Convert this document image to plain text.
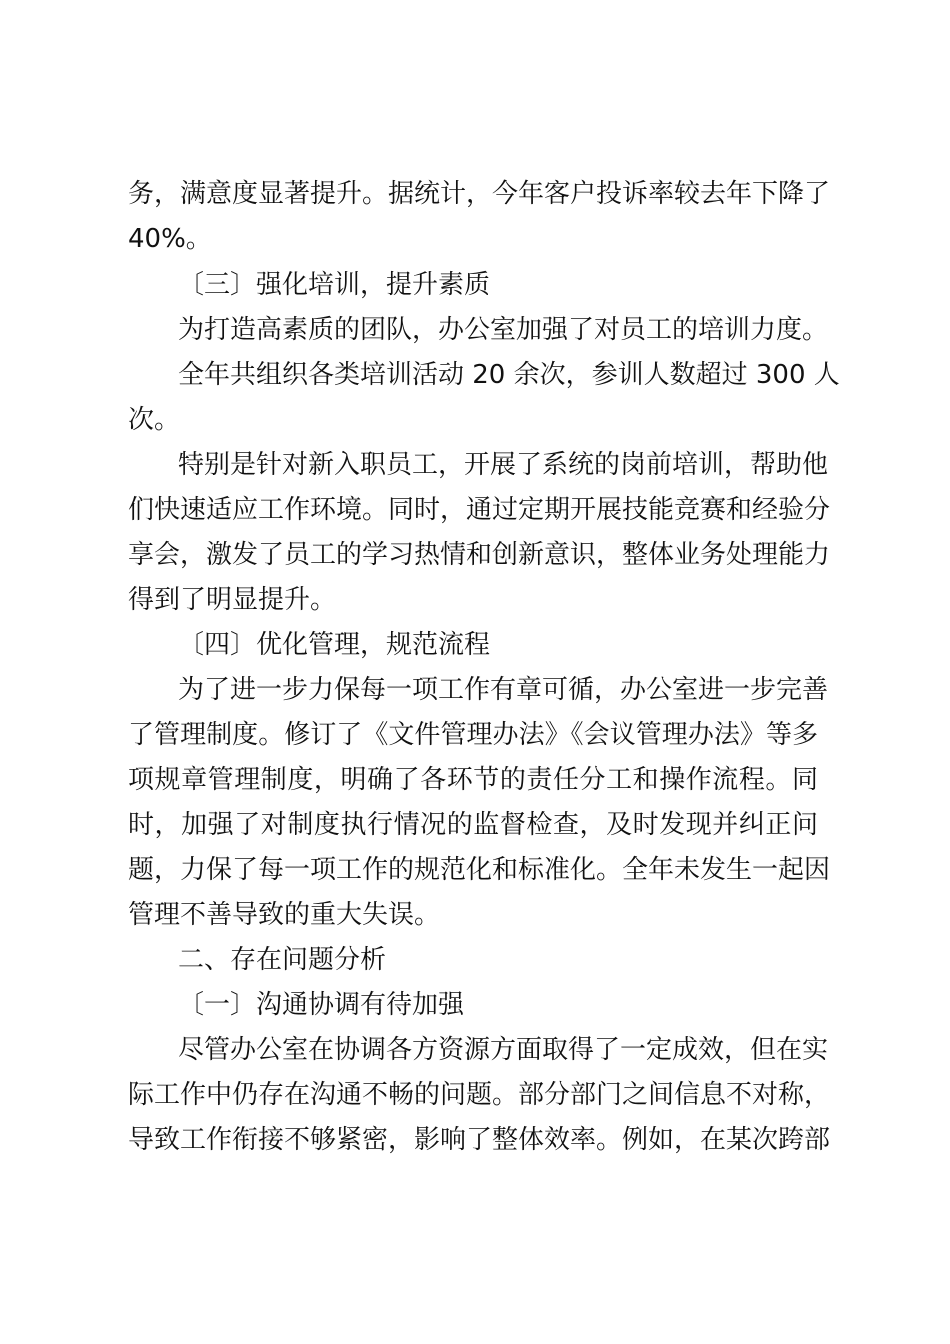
务，满意度显著提升。据统计，今年客户投诉率较去年下降了
40%。
〔三〕强化培训，提升素质
为打造高素质的团队，办公室加强了对员工的培训力度。
全年共组织各类培训活动 20 余次，参训人数超过 300 人
次。
特别是针对新入职员工，开展了系统的岗前培训，帮助他
们快速适应工作环境。同时，通过定期开展技能竞赛和经验分
享会，激发了员工的学习热情和创新意识，整体业务处理能力
得到了明显提升。
〔四〕优化管理，规范流程
为了进一步力保每一项工作有章可循，办公室进一步完善
了管理制度。修订了《文件管理办法》《会议管理办法》等多
项规章管理制度，明确了各环节的责任分工和操作流程。同
时，加强了对制度执行情况的监督检查，及时发现并纠正问
题，力保了每一项工作的规范化和标准化。全年未发生一起因
管理不善导致的重大失误。
二、存在问题分析
〔一〕沟通协调有待加强
尽管办公室在协调各方资源方面取得了一定成效，但在实
际工作中仍存在沟通不畅的问题。部分部门之间信息不对称，
导致工作衔接不够紧密，影响了整体效率。例如，在某次跨部
